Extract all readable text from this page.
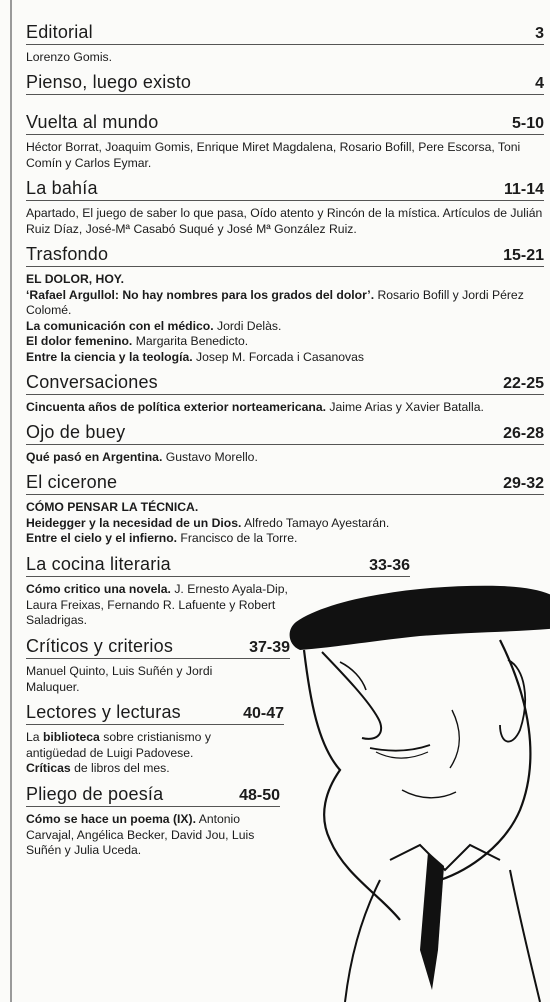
Editorial	3

Lorenzo Gomis.

Pienso, luego existo	4
Vuelta al mundo	5-10

Héctor Borrat, Joaquim Gomis, Enrique Miret Magdalena, Rosario Bofill, Pere Escorsa, Toni Comín y Carlos Eymar.

La bahía	11-14

Apartado, El juego de saber lo que pasa, Oído atento y Rincón de la mística. Artículos de Julián Ruiz Díaz, José-Mª Casabó Suqué y José Mª González Ruiz.

Trasfondo	15-21

EL DOLOR, HOY.

‘Rafael Argullol: No hay nombres para los grados del dolor’. Rosario Bofill y Jordi Pérez Colomé.

La comunicación con el médico. Jordi Delàs.

El dolor femenino. Margarita Benedicto.

Entre la ciencia y la teología. Josep M. Forcada i Casanovas

Conversaciones	22-25

Cincuenta años de política exterior norteamericana. Jaime Arias y Xavier Batalla.

Ojo de buey	26-28

Qué pasó en Argentina. Gustavo Morello.

El cicerone	29-32

CÓMO PENSAR LA TÉCNICA.

Heidegger y la necesidad de un Dios. Alfredo Tamayo Ayestarán.

Entre el cielo y el infierno. Francisco de la Torre.

La cocina literaria	33-36

Cómo critico una novela. J. Ernesto Ayala-Dip, Laura Freixas, Fernando R. Lafuente y Robert Saladrigas.

Críticos y criterios	37-39

Manuel Quinto, Luis Suñén y Jordi Maluquer.

Lectores y lecturas	40-47

La biblioteca sobre cristianismo y antigüedad de Luigi Padovese.

Críticas de libros del mes.

Pliego de poesía	48-50

Cómo se hace un poema (IX). Antonio Carvajal, Angélica Becker, David Jou, Luis Suñén y Julia Uceda.
